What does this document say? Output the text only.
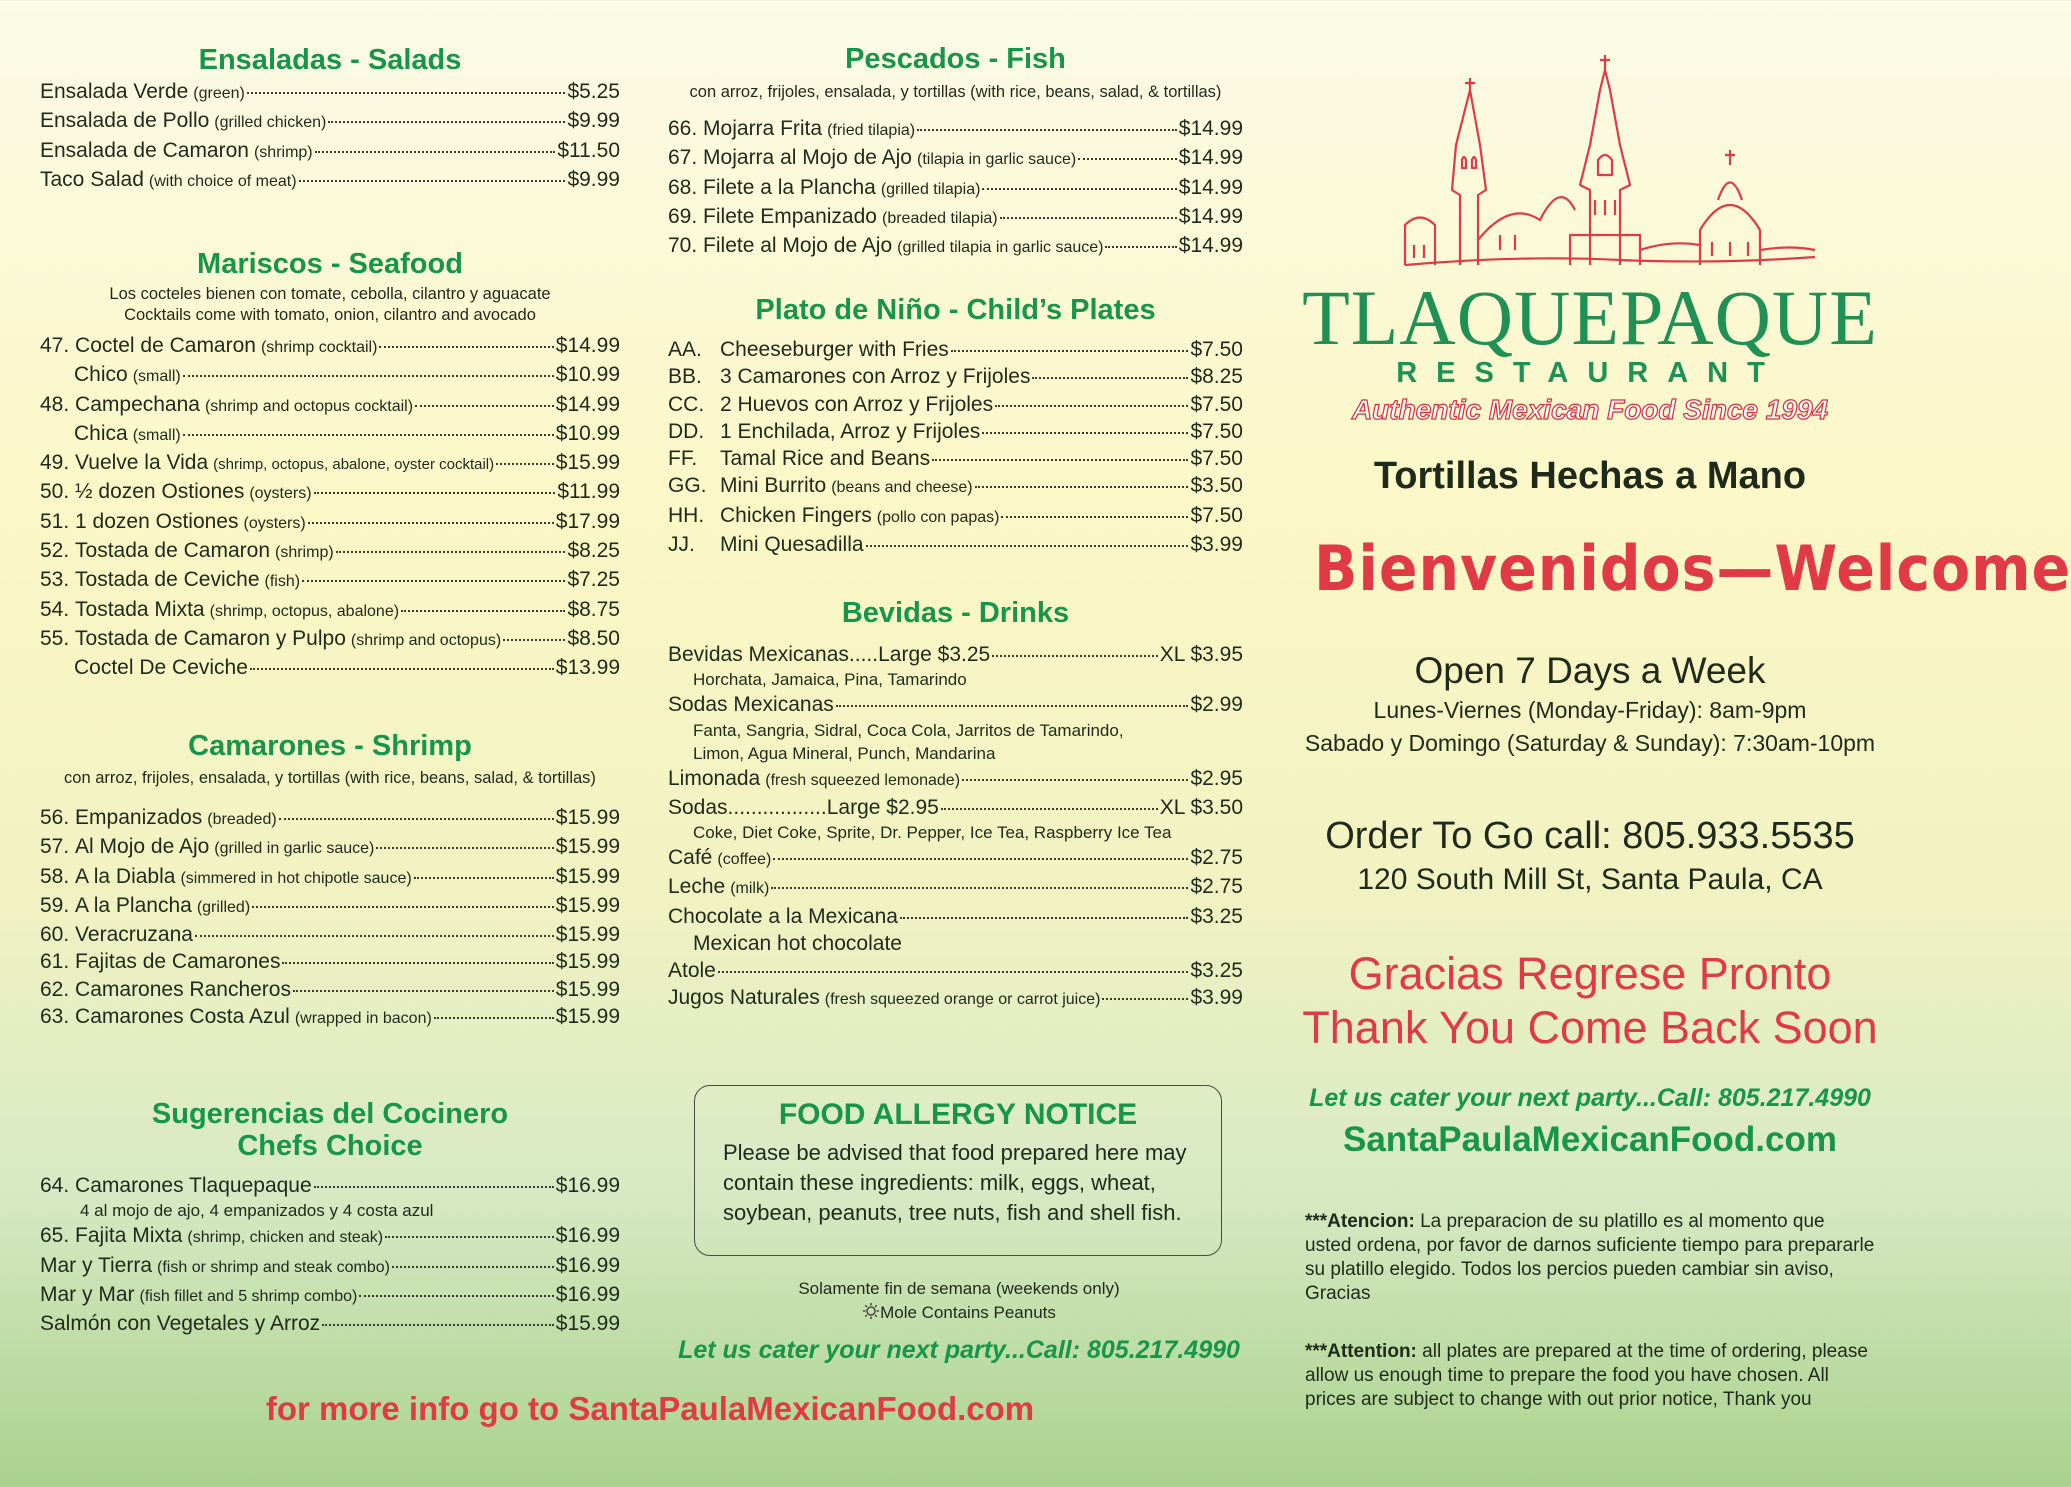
Ensaladas - Salads
Ensalada Verde (green)	$5.25
Ensalada de Pollo (grilled chicken)	$9.99
Ensalada de Camaron (shrimp)	$11.50
Taco Salad (with choice of meat)	$9.99
Mariscos - Seafood
Los cocteles bienen con tomate, cebolla, cilantro y aguacate
Cocktails come with tomato, onion, cilantro and avocado
47.
Coctel de Camaron (shrimp cocktail)	$14.99
Chico (small)	$10.99
48.
Campechana (shrimp and octopus cocktail)	$14.99
Chica (small)	$10.99
49.
Vuelve la Vida (shrimp, octopus, abalone, oyster cocktail)	$15.99
50.
½ dozen Ostiones (oysters)	$11.99
51.
1 dozen Ostiones (oysters)	$17.99
52.
Tostada de Camaron (shrimp)	$8.25
53.
Tostada de Ceviche (fish)	$7.25
54.
Tostada Mixta (shrimp, octopus, abalone)	$8.75
55.
Tostada de Camaron y Pulpo (shrimp and octopus)	$8.50
Coctel De Ceviche	$13.99
Camarones - Shrimp
con arroz, frijoles, ensalada, y tortillas (with rice, beans, salad, & tortillas)
56.
Empanizados (breaded)	$15.99
57.
Al Mojo de Ajo (grilled in garlic sauce)	$15.99
58.
A la Diabla (simmered in hot chipotle sauce)	$15.99
59.
A la Plancha (grilled)	$15.99
60.
Veracruzana	$15.99
61.
Fajitas de Camarones	$15.99
62.
Camarones Rancheros	$15.99
63.
Camarones Costa Azul (wrapped in bacon)	$15.99
Sugerencias del Cocinero
Chefs Choice
64.
Camarones Tlaquepaque	$16.99
4 al mojo de ajo, 4 empanizados y 4 costa azul
65.
Fajita Mixta (shrimp, chicken and steak)	$16.99
Mar y Tierra (fish or shrimp and steak combo)	$16.99
Mar y Mar (fish fillet and 5 shrimp combo)	$16.99
Salmón con Vegetales y Arroz	$15.99
for more info go to SantaPaulaMexicanFood.com
Pescados - Fish
con arroz, frijoles, ensalada, y tortillas (with rice, beans, salad, & tortillas)
66.
Mojarra Frita (fried tilapia)	$14.99
67.
Mojarra al Mojo de Ajo (tilapia in garlic sauce)	$14.99
68.
Filete a la Plancha (grilled tilapia)	$14.99
69.
Filete Empanizado (breaded tilapia)	$14.99
70.
Filete al Mojo de Ajo (grilled tilapia in garlic sauce)	$14.99
Plato de Niño - Child’s Plates
AA. Cheeseburger with Fries	$7.50
BB. 3 Camarones con Arroz y Frijoles	$8.25
CC. 2 Huevos con Arroz y Frijoles	$7.50
DD. 1 Enchilada, Arroz y Frijoles	$7.50
FF.	Tamal Rice and Beans	$7.50
GG. Mini Burrito (beans and cheese)	$3.50
HH. Chicken Fingers (pollo con papas)	$7.50
JJ.	Mini Quesadilla	$3.99
Bevidas - Drinks
Bevidas Mexicanas.....Large $3.25	XL $3.95
Horchata, Jamaica, Pina, Tamarindo
Sodas Mexicanas	$2.99
Fanta, Sangria, Sidral, Coca Cola, Jarritos de Tamarindo,
Limon, Agua Mineral, Punch, Mandarina
Limonada (fresh squeezed lemonade)	$2.95
Sodas.................Large $2.95	XL $3.50
Coke, Diet Coke, Sprite, Dr. Pepper, Ice Tea, Raspberry Ice Tea
Café (coffee)	$2.75
Leche (milk)	$2.75
Chocolate a la Mexicana	$3.25
Mexican hot chocolate
Atole	$3.25
Jugos Naturales (fresh squeezed orange or carrot juice)	$3.99
FOOD ALLERGY NOTICE

Please be advised that food prepared here may contain these ingredients: milk, eggs, wheat, soybean, peanuts, tree nuts, fish and shell fish.

Solamente fin de semana (weekends only)
Mole Contains Peanuts
Let us cater your next party...Call: 805.217.4990
TLAQUEPAQUE
RESTAURANT
Authentic Mexican Food Since 1994
Tortillas Hechas a Mano
Bienvenidos—Welcome
Open 7 Days a Week
Lunes-Viernes (Monday-Friday): 8am-9pm
Sabado y Domingo (Saturday & Sunday): 7:30am-10pm
Order To Go call: 805.933.5535
120 South Mill St, Santa Paula, CA
Gracias Regrese Pronto
Thank You Come Back Soon
Let us cater your next party...Call: 805.217.4990
SantaPaulaMexicanFood.com
***Atencion: La preparacion de su platillo es al momento que usted ordena, por favor de darnos suficiente tiempo para prepararle su platillo elegido. Todos los percios pueden cambiar sin aviso, Gracias
***Attention: all plates are prepared at the time of ordering, please allow us enough time to prepare the food you have chosen. All prices are subject to change with out prior notice, Thank you
